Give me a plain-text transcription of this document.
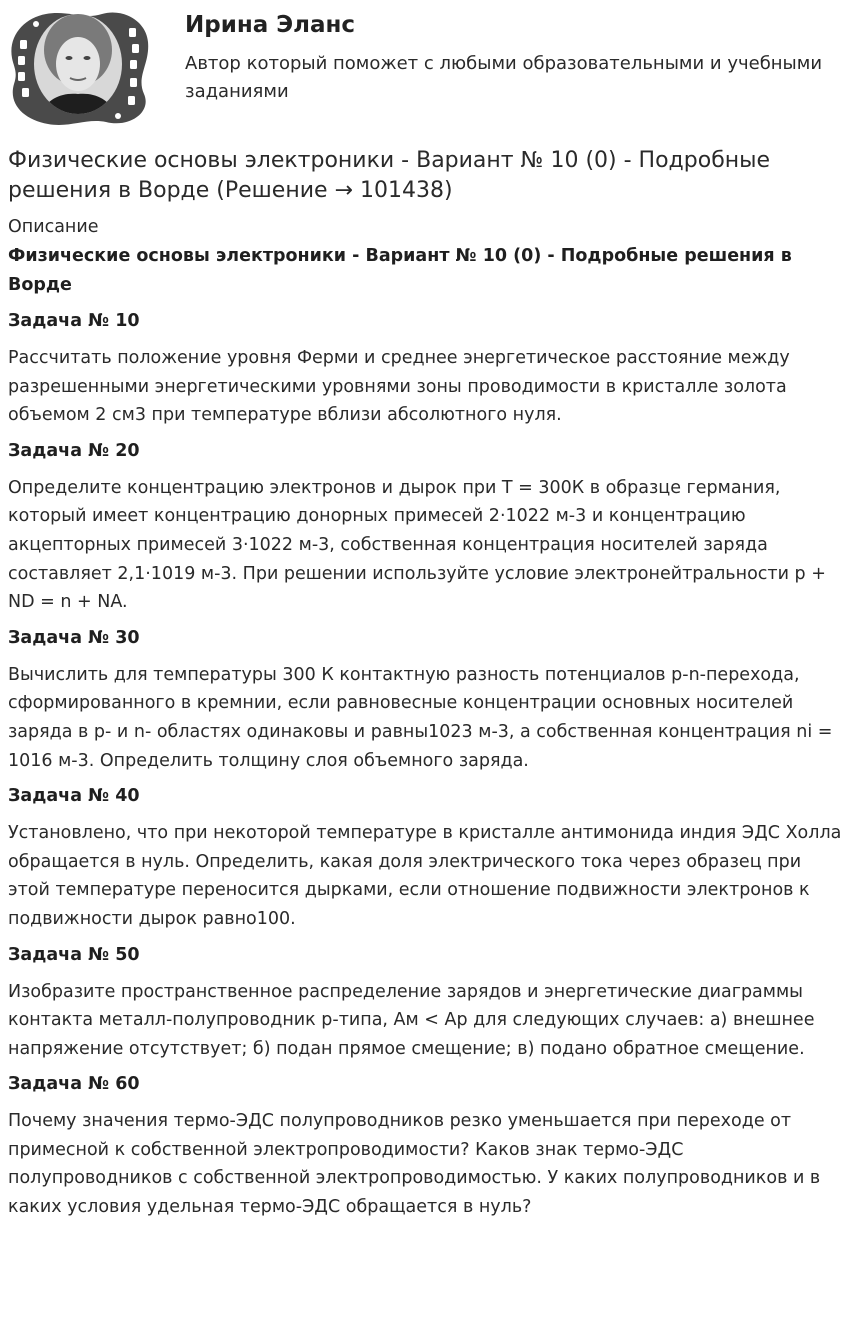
Ирина Эланс

Автор который поможет с любыми образовательными и учебными заданиями

Физические основы электроники - Вариант № 10 (0) - Подробные решения в Ворде (Решение → 101438)
Описание
Физические основы электроники - Вариант № 10 (0) - Подробные решения в Ворде
Задача № 10

Рассчитать положение уровня Ферми и среднее энергетическое расстояние между разрешенными энергетическими уровнями зоны проводимости в кристалле золота объемом 2 см3 при температуре вблизи абсолютного нуля.

Задача № 20

Определите концентрацию электронов и дырок при Т = 300К в образце германия, который имеет концентрацию донорных примесей 2·1022 м-3 и концентрацию акцепторных примесей 3·1022 м-3, собственная концентрация носителей заряда составляет 2,1·1019 м-3. При решении используйте условие электронейтральности p + ND = n + NA.

Задача № 30

Вычислить для температуры 300 К контактную разность потенциалов p-n-перехода, сформированного в кремнии, если равновесные концентрации основных носителей заряда в p- и n- областях одинаковы и равны1023 м-3, а собственная концентрация ni = 1016 м-3. Определить толщину слоя объемного заряда.

Задача № 40

Установлено, что при некоторой температуре в кристалле антимонида индия ЭДС Холла обращается в нуль. Определить, какая доля электрического тока через образец при этой температуре переносится дырками, если отношение подвижности электронов к подвижности дырок равно100.

Задача № 50

Изобразите пространственное распределение зарядов и энергетические диаграммы контакта металл-полупроводник p-типа, Aм < Ap для следующих случаев: а) внешнее напряжение отсутствует; б) подан прямое смещение; в) подано обратное смещение.

Задача № 60

Почему значения термо-ЭДС полупроводников резко уменьшается при переходе от примесной к собственной электропроводимости? Каков знак термо-ЭДС полупроводников с собственной электропроводимостью. У каких полупроводников и в каких условия удельная термо-ЭДС обращается в нуль?
